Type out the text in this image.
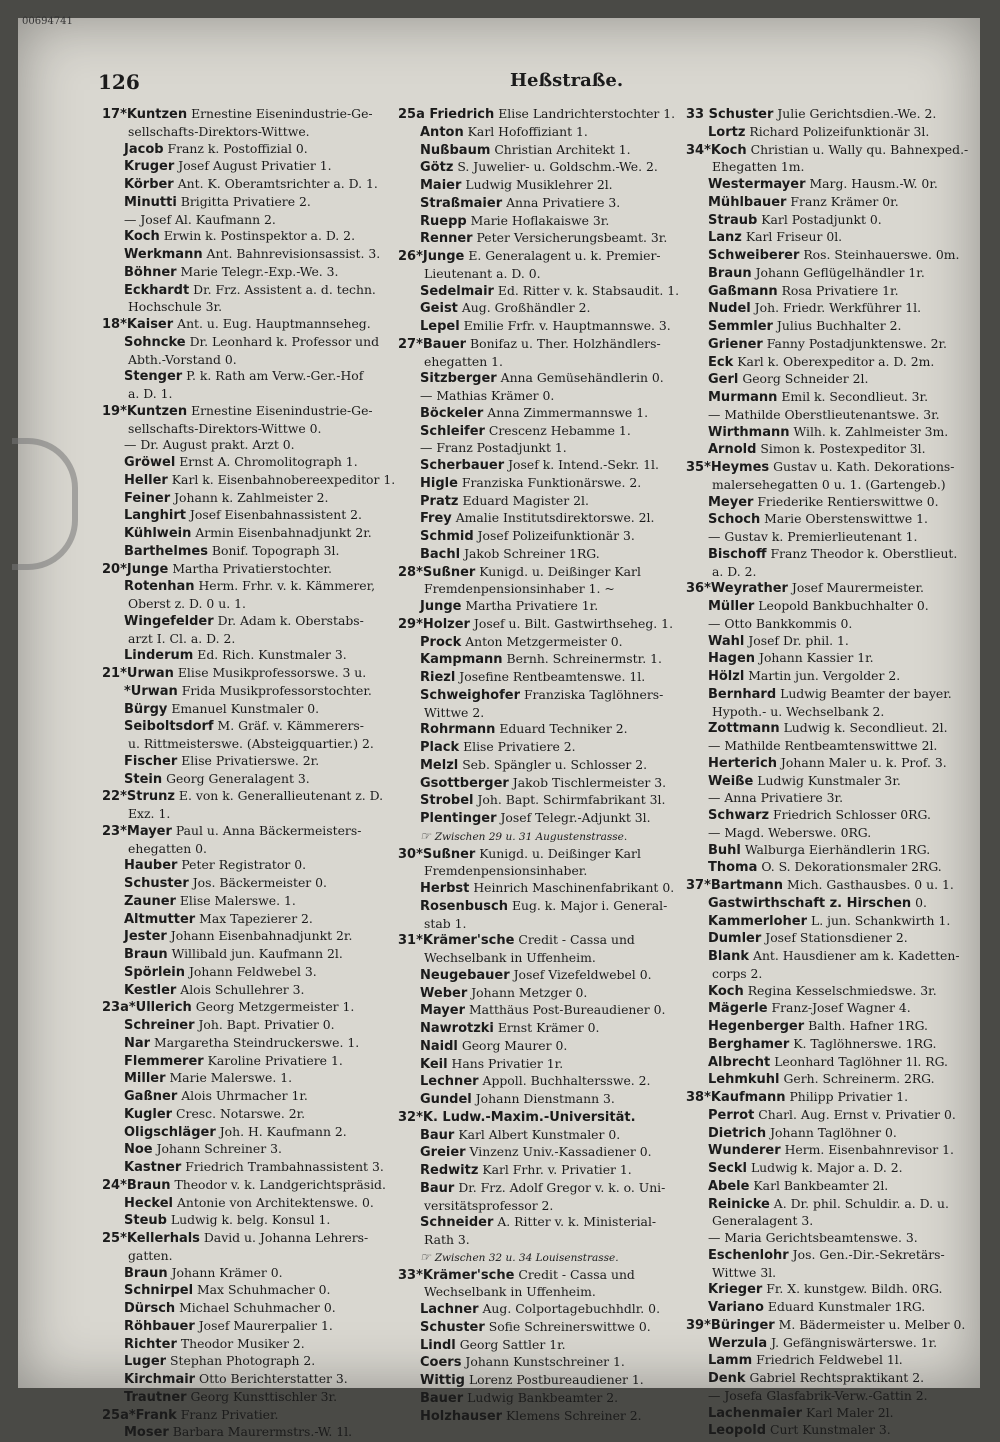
00694741
126	Heßstraße.
17*Kuntzen Ernestine Eisenindustrie-Ge-
sellschafts-Direktors-Wittwe.
Jacob Franz k. Postoffizial 0.
Kruger Josef August Privatier 1.
Körber Ant. K. Oberamtsrichter a. D. 1.
Minutti Brigitta Privatiere 2.
— Josef Al. Kaufmann 2.
Koch Erwin k. Postinspektor a. D. 2.
Werkmann Ant. Bahnrevisionsassist. 3.
Böhner Marie Telegr.-Exp.-We. 3.
Eckhardt Dr. Frz. Assistent a. d. techn.
Hochschule 3r.
18*Kaiser Ant. u. Eug. Hauptmannseheg.
Sohncke Dr. Leonhard k. Professor und
Abth.-Vorstand 0.
Stenger P. k. Rath am Verw.-Ger.-Hof
a. D. 1.
19*Kuntzen Ernestine Eisenindustrie-Ge-
sellschafts-Direktors-Wittwe 0.
— Dr. August prakt. Arzt 0.
Gröwel Ernst A. Chromolitograph 1.
Heller Karl k. Eisenbahnobereexpeditor 1.
Feiner Johann k. Zahlmeister 2.
Langhirt Josef Eisenbahnassistent 2.
Kühlwein Armin Eisenbahnadjunkt 2r.
Barthelmes Bonif. Topograph 3l.
20*Junge Martha Privatierstochter.
Rotenhan Herm. Frhr. v. k. Kämmerer,
Oberst z. D. 0 u. 1.
Wingefelder Dr. Adam k. Oberstabs-
arzt I. Cl. a. D. 2.
Linderum Ed. Rich. Kunstmaler 3.
21*Urwan Elise Musikprofessorswe. 3 u.
*Urwan Frida Musikprofessorstochter.
Bürgy Emanuel Kunstmaler 0.
Seiboltsdorf M. Gräf. v. Kämmerers-
u. Rittmeisterswe. (Absteigquartier.) 2.
Fischer Elise Privatierswe. 2r.
Stein Georg Generalagent 3.
22*Strunz E. von k. Generallieutenant z. D.
Exz. 1.
23*Mayer Paul u. Anna Bäckermeisters-
ehegatten 0.
Hauber Peter Registrator 0.
Schuster Jos. Bäckermeister 0.
Zauner Elise Malerswe. 1.
Altmutter Max Tapezierer 2.
Jester Johann Eisenbahnadjunkt 2r.
Braun Willibald jun. Kaufmann 2l.
Spörlein Johann Feldwebel 3.
Kestler Alois Schullehrer 3.
23a*Ullerich Georg Metzgermeister 1.
Schreiner Joh. Bapt. Privatier 0.
Nar Margaretha Steindruckerswe. 1.
Flemmerer Karoline Privatiere 1.
Miller Marie Malerswe. 1.
Gaßner Alois Uhrmacher 1r.
Kugler Cresc. Notarswe. 2r.
Oligschläger Joh. H. Kaufmann 2.
Noe Johann Schreiner 3.
Kastner Friedrich Trambahnassistent 3.
24*Braun Theodor v. k. Landgerichtspräsid.
Heckel Antonie von Architektenswe. 0.
Steub Ludwig k. belg. Konsul 1.
25*Kellerhals David u. Johanna Lehrers-
gatten.
Braun Johann Krämer 0.
Schnirpel Max Schuhmacher 0.
Dürsch Michael Schuhmacher 0.
Röhbauer Josef Maurerpalier 1.
Richter Theodor Musiker 2.
Luger Stephan Photograph 2.
Kirchmair Otto Berichterstatter 3.
Trautner Georg Kunsttischler 3r.
25a*Frank Franz Privatier.
Moser Barbara Maurermstrs.-W. 1l.
25a Friedrich Elise Landrichterstochter 1.
Anton Karl Hofoffiziant 1.
Nußbaum Christian Architekt 1.
Götz S. Juwelier- u. Goldschm.-We. 2.
Maier Ludwig Musiklehrer 2l.
Straßmaier Anna Privatiere 3.
Ruepp Marie Hoflakaiswe 3r.
Renner Peter Versicherungsbeamt. 3r.
26*Junge E. Generalagent u. k. Premier-
Lieutenant a. D. 0.
Sedelmair Ed. Ritter v. k. Stabsaudit. 1.
Geist Aug. Großhändler 2.
Lepel Emilie Frfr. v. Hauptmannswe. 3.
27*Bauer Bonifaz u. Ther. Holzhändlers-
ehegatten 1.
Sitzberger Anna Gemüsehändlerin 0.
— Mathias Krämer 0.
Böckeler Anna Zimmermannswe 1.
Schleifer Crescenz Hebamme 1.
— Franz Postadjunkt 1.
Scherbauer Josef k. Intend.-Sekr. 1l.
Higle Franziska Funktionärswe. 2.
Pratz Eduard Magister 2l.
Frey Amalie Institutsdirektorswe. 2l.
Schmid Josef Polizeifunktionär 3.
Bachl Jakob Schreiner 1RG.
28*Sußner Kunigd. u. Deißinger Karl
Fremdenpensionsinhaber 1. ~
Junge Martha Privatiere 1r.
29*Holzer Josef u. Bilt. Gastwirthseheg. 1.
Prock Anton Metzgermeister 0.
Kampmann Bernh. Schreinermstr. 1.
Riezl Josefine Rentbeamtenswe. 1l.
Schweighofer Franziska Taglöhners-
Wittwe 2.
Rohrmann Eduard Techniker 2.
Plack Elise Privatiere 2.
Melzl Seb. Spängler u. Schlosser 2.
Gsottberger Jakob Tischlermeister 3.
Strobel Joh. Bapt. Schirmfabrikant 3l.
Plentinger Josef Telegr.-Adjunkt 3l.
☞ Zwischen 29 u. 31 Augustenstrasse.
30*Sußner Kunigd. u. Deißinger Karl
Fremdenpensionsinhaber.
Herbst Heinrich Maschinenfabrikant 0.
Rosenbusch Eug. k. Major i. General-
stab 1.
31*Krämer'sche Credit - Cassa und
Wechselbank in Uffenheim.
Neugebauer Josef Vizefeldwebel 0.
Weber Johann Metzger 0.
Mayer Matthäus Post-Bureaudiener 0.
Nawrotzki Ernst Krämer 0.
Naidl Georg Maurer 0.
Keil Hans Privatier 1r.
Lechner Appoll. Buchhaltersswe. 2.
Gundel Johann Dienstmann 3.
32*K. Ludw.-Maxim.-Universität.
Baur Karl Albert Kunstmaler 0.
Greier Vinzenz Univ.-Kassadiener 0.
Redwitz Karl Frhr. v. Privatier 1.
Baur Dr. Frz. Adolf Gregor v. k. o. Uni-
versitätsprofessor 2.
Schneider A. Ritter v. k. Ministerial-
Rath 3.
☞ Zwischen 32 u. 34 Louisenstrasse.
33*Krämer'sche Credit - Cassa und
Wechselbank in Uffenheim.
Lachner Aug. Colportagebuchhdlr. 0.
Schuster Sofie Schreinerswittwe 0.
Lindl Georg Sattler 1r.
Coers Johann Kunstschreiner 1.
Wittig Lorenz Postbureaudiener 1.
Bauer Ludwig Bankbeamter 2.
Holzhauser Klemens Schreiner 2.
33 Schuster Julie Gerichtsdien.-We. 2.
Lortz Richard Polizeifunktionär 3l.
34*Koch Christian u. Wally qu. Bahnexped.-
Ehegatten 1m.
Westermayer Marg. Hausm.-W. 0r.
Mühlbauer Franz Krämer 0r.
Straub Karl Postadjunkt 0.
Lanz Karl Friseur 0l.
Schweiberer Ros. Steinhauerswe. 0m.
Braun Johann Geflügelhändler 1r.
Gaßmann Rosa Privatiere 1r.
Nudel Joh. Friedr. Werkführer 1l.
Semmler Julius Buchhalter 2.
Griener Fanny Postadjunktenswe. 2r.
Eck Karl k. Oberexpeditor a. D. 2m.
Gerl Georg Schneider 2l.
Murmann Emil k. Secondlieut. 3r.
— Mathilde Oberstlieutenantswe. 3r.
Wirthmann Wilh. k. Zahlmeister 3m.
Arnold Simon k. Postexpeditor 3l.
35*Heymes Gustav u. Kath. Dekorations-
malersehegatten 0 u. 1. (Gartengeb.)
Meyer Friederike Rentierswittwe 0.
Schoch Marie Oberstenswittwe 1.
— Gustav k. Premierlieutenant 1.
Bischoff Franz Theodor k. Oberstlieut.
a. D. 2.
36*Weyrather Josef Maurermeister.
Müller Leopold Bankbuchhalter 0.
— Otto Bankkommis 0.
Wahl Josef Dr. phil. 1.
Hagen Johann Kassier 1r.
Hölzl Martin jun. Vergolder 2.
Bernhard Ludwig Beamter der bayer.
Hypoth.- u. Wechselbank 2.
Zottmann Ludwig k. Secondlieut. 2l.
— Mathilde Rentbeamtenswittwe 2l.
Herterich Johann Maler u. k. Prof. 3.
Weiße Ludwig Kunstmaler 3r.
— Anna Privatiere 3r.
Schwarz Friedrich Schlosser 0RG.
— Magd. Weberswe. 0RG.
Buhl Walburga Eierhändlerin 1RG.
Thoma O. S. Dekorationsmaler 2RG.
37*Bartmann Mich. Gasthausbes. 0 u. 1.
Gastwirthschaft z. Hirschen 0.
Kammerloher L. jun. Schankwirth 1.
Dumler Josef Stationsdiener 2.
Blank Ant. Hausdiener am k. Kadetten-
corps 2.
Koch Regina Kesselschmiedswe. 3r.
Mägerle Franz-Josef Wagner 4.
Hegenberger Balth. Hafner 1RG.
Berghamer K. Taglöhnerswe. 1RG.
Albrecht Leonhard Taglöhner 1l. RG.
Lehmkuhl Gerh. Schreinerm. 2RG.
38*Kaufmann Philipp Privatier 1.
Perrot Charl. Aug. Ernst v. Privatier 0.
Dietrich Johann Taglöhner 0.
Wunderer Herm. Eisenbahnrevisor 1.
Seckl Ludwig k. Major a. D. 2.
Abele Karl Bankbeamter 2l.
Reinicke A. Dr. phil. Schuldir. a. D. u.
Generalagent 3.
— Maria Gerichtsbeamtenswe. 3.
Eschenlohr Jos. Gen.-Dir.-Sekretärs-
Wittwe 3l.
Krieger Fr. X. kunstgew. Bildh. 0RG.
Variano Eduard Kunstmaler 1RG.
39*Büringer M. Bädermeister u. Melber 0.
Werzula J. Gefängniswärterswe. 1r.
Lamm Friedrich Feldwebel 1l.
Denk Gabriel Rechtspraktikant 2.
— Josefa Glasfabrik-Verw.-Gattin 2.
Lachenmaier Karl Maler 2l.
Leopold Curt Kunstmaler 3.
